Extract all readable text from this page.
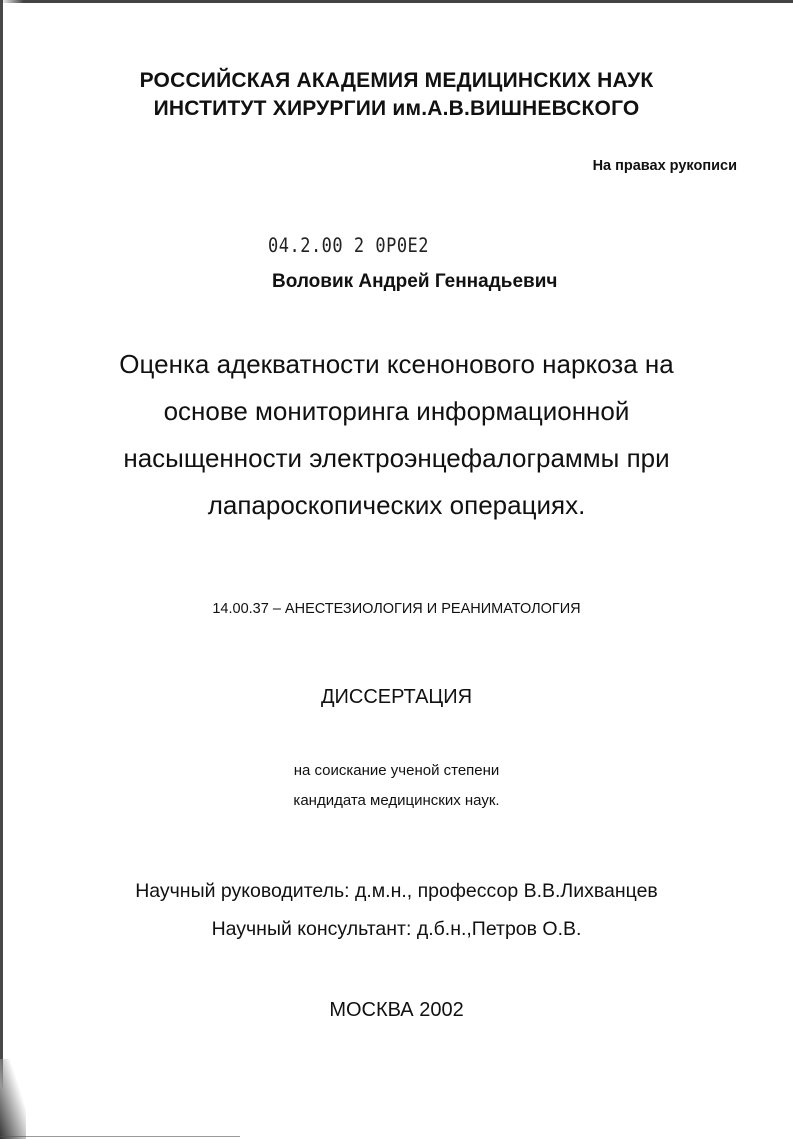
РОССИЙСКАЯ АКАДЕМИЯ МЕДИЦИНСКИХ НАУК
ИНСТИТУТ ХИРУРГИИ им.А.В.ВИШНЕВСКОГО
На правах рукописи
04.2.00 2 0Р0Е2
Воловик Андрей Геннадьевич
Оценка адекватности ксенонового наркоза на
основе мониторинга информационной
насыщенности электроэнцефалограммы при
лапароскопических операциях.
14.00.37 – АНЕСТЕЗИОЛОГИЯ И РЕАНИМАТОЛОГИЯ
ДИССЕРТАЦИЯ
на соискание ученой степени
кандидата медицинских наук.
Научный руководитель: д.м.н., профессор В.В.Лихванцев
Научный консультант: д.б.н.,Петров О.В.
МОСКВА 2002
